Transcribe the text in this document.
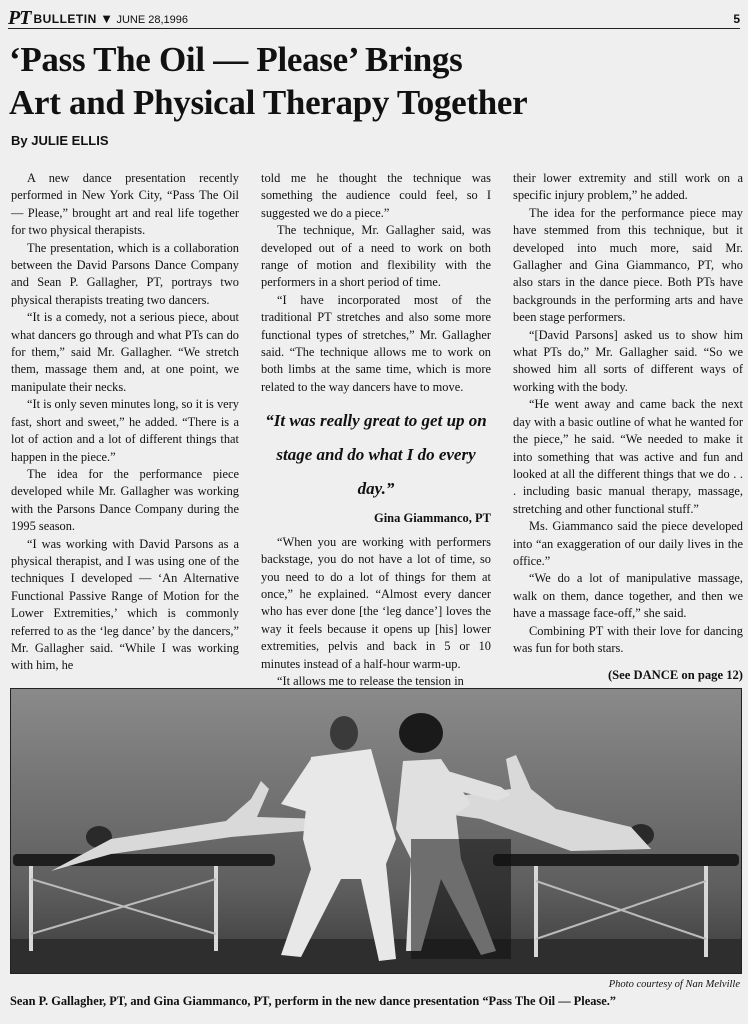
PT BULLETIN ▼ JUNE 28,1996	5
‘Pass The Oil — Please’ Brings
Art and Physical Therapy Together
By JULIE ELLIS

A new dance presentation recently performed in New York City, “Pass The Oil — Please,” brought art and real life together for two physical therapists.

The presentation, which is a collaboration between the David Parsons Dance Company and Sean P. Gallagher, PT, portrays two physical therapists treating two dancers.

“It is a comedy, not a serious piece, about what dancers go through and what PTs can do for them,” said Mr. Gallagher. “We stretch them, massage them and, at one point, we manipulate their necks.

“It is only seven minutes long, so it is very fast, short and sweet,” he added. “There is a lot of action and a lot of different things that happen in the piece.”

The idea for the performance piece developed while Mr. Gallagher was working with the Parsons Dance Company during the 1995 season.

“I was working with David Parsons as a physical therapist, and I was using one of the techniques I developed — ‘An Alternative Functional Passive Range of Motion for the Lower Extremities,’ which is commonly referred to as the ‘leg dance’ by the dancers,” Mr. Gallagher said. “While I was working with him, he

told me he thought the technique was something the audience could feel, so I suggested we do a piece.”

The technique, Mr. Gallagher said, was developed out of a need to work on both range of motion and flexibility with the performers in a short period of time.

“I have incorporated most of the traditional PT stretches and also some more functional types of stretches,” Mr. Gallagher said. “The technique allows me to work on both limbs at the same time, which is more related to the way dancers have to move.

“It was really great to get up on stage and do what I do every day.”
Gina Giammanco, PT

“When you are working with performers backstage, you do not have a lot of time, so you need to do a lot of things for them at once,” he explained. “Almost every dancer who has ever done [the ‘leg dance’] loves the way it feels because it opens up [his] lower extremities, pelvis and back in 5 or 10 minutes instead of a half-hour warm-up.

“It allows me to release the tension in

their lower extremity and still work on a specific injury problem,” he added.

The idea for the performance piece may have stemmed from this technique, but it developed into much more, said Mr. Gallagher and Gina Giammanco, PT, who also stars in the dance piece. Both PTs have backgrounds in the performing arts and have been stage performers.

“[David Parsons] asked us to show him what PTs do,” Mr. Gallagher said. “So we showed him all sorts of different ways of working with the body.

“He went away and came back the next day with a basic outline of what he wanted for the piece,” he said. “We needed to make it into something that was active and fun and looked at all the different things that we do . . . including basic manual therapy, massage, stretching and other functional stuff.”

Ms. Giammanco said the piece developed into “an exaggeration of our daily lives in the office.”

“We do a lot of manipulative massage, walk on them, dance together, and then we have a massage face-off,” she said.

Combining PT with their love for dancing was fun for both stars.

(See DANCE on page 12)
Photo courtesy of Nan Melville
Sean P. Gallagher, PT, and Gina Giammanco, PT, perform in the new dance presentation “Pass The Oil — Please.”
